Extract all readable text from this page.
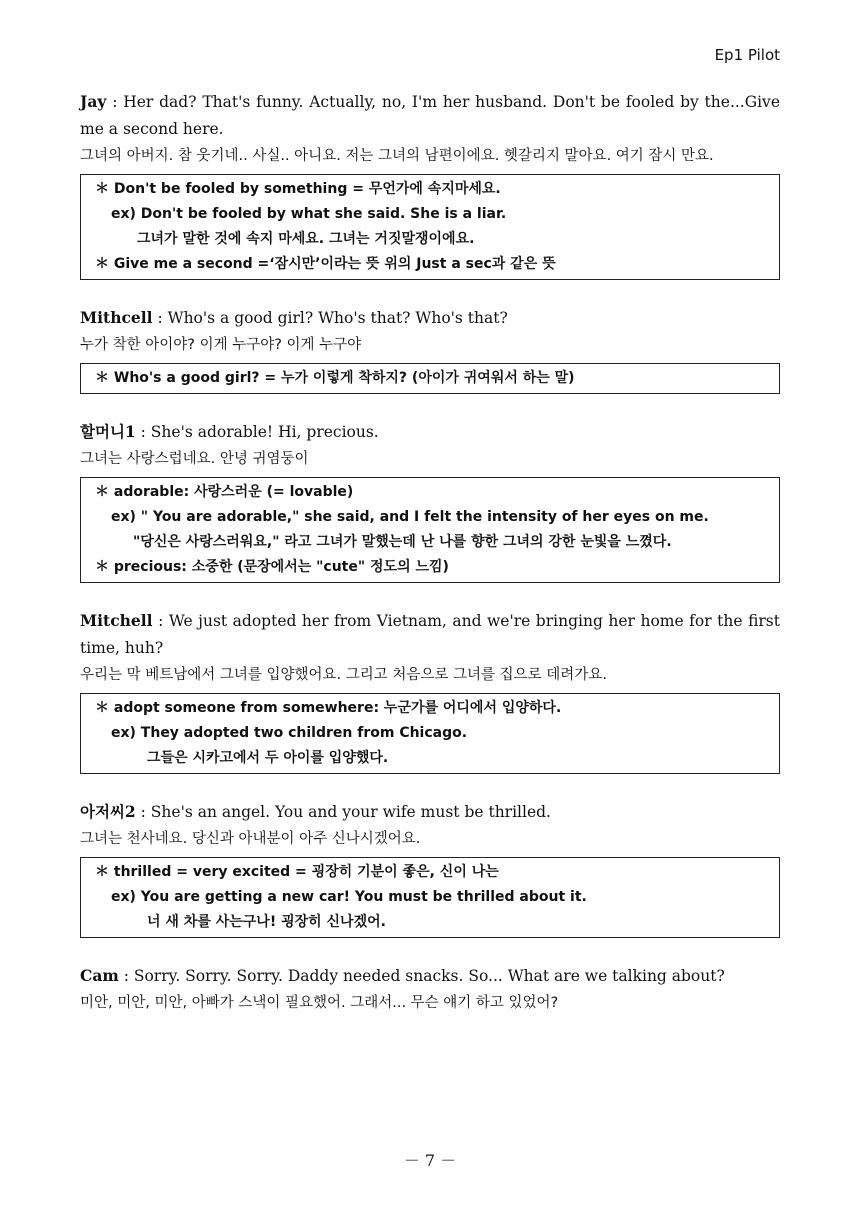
Ep1 Pilot
Jay : Her dad? That's funny. Actually, no, I'm her husband. Don't be fooled by the...Give me a second here.
그녀의 아버지. 참 웃기네.. 사실.. 아니요. 저는 그녀의 남편이에요. 헷갈리지 말아요. 여기 잠시 만요.
＊ Don't be fooled by something = 무언가에 속지마세요.
ex) Don't be fooled by what she said. She is a liar.
그녀가 말한 것에 속지 마세요. 그녀는 거짓말쟁이에요.
＊ Give me a second =‘잠시만’이라는 뜻 위의 Just a sec과 같은 뜻
Mithcell : Who's a good girl? Who's that? Who's that?
누가 착한 아이야? 이게 누구야? 이게 누구야
＊ Who's a good girl? = 누가 이렇게 착하지? (아이가 귀여워서 하는 말)
할머니1 : She's adorable! Hi, precious.
그녀는 사랑스럽네요. 안녕 귀염둥이
＊ adorable: 사랑스러운 (= lovable)
ex) " You are adorable," she said, and I felt the intensity of her eyes on me.
"당신은 사랑스러워요," 라고 그녀가 말했는데 난 나를 향한 그녀의 강한 눈빛을 느꼈다.
＊ precious: 소중한 (문장에서는 "cute" 정도의 느낌)
Mitchell : We just adopted her from Vietnam, and we're bringing her home for the first time, huh?
우리는 막 베트남에서 그녀를 입양했어요. 그리고 처음으로 그녀를 집으로 데려가요.
＊ adopt someone from somewhere: 누군가를 어디에서 입양하다.
ex) They adopted two children from Chicago.
그들은 시카고에서 두 아이를 입양했다.
아저씨2 : She's an angel. You and your wife must be thrilled.
그녀는 천사네요. 당신과 아내분이 아주 신나시겠어요.
＊ thrilled = very excited = 굉장히 기분이 좋은, 신이 나는
ex) You are getting a new car! You must be thrilled about it.
너 새 차를 사는구나! 굉장히 신나겠어.
Cam : Sorry. Sorry. Sorry. Daddy needed snacks. So... What are we talking about?
미안, 미안, 미안, 아빠가 스낵이 필요했어. 그래서... 무슨 얘기 하고 있었어?
－ 7 －
